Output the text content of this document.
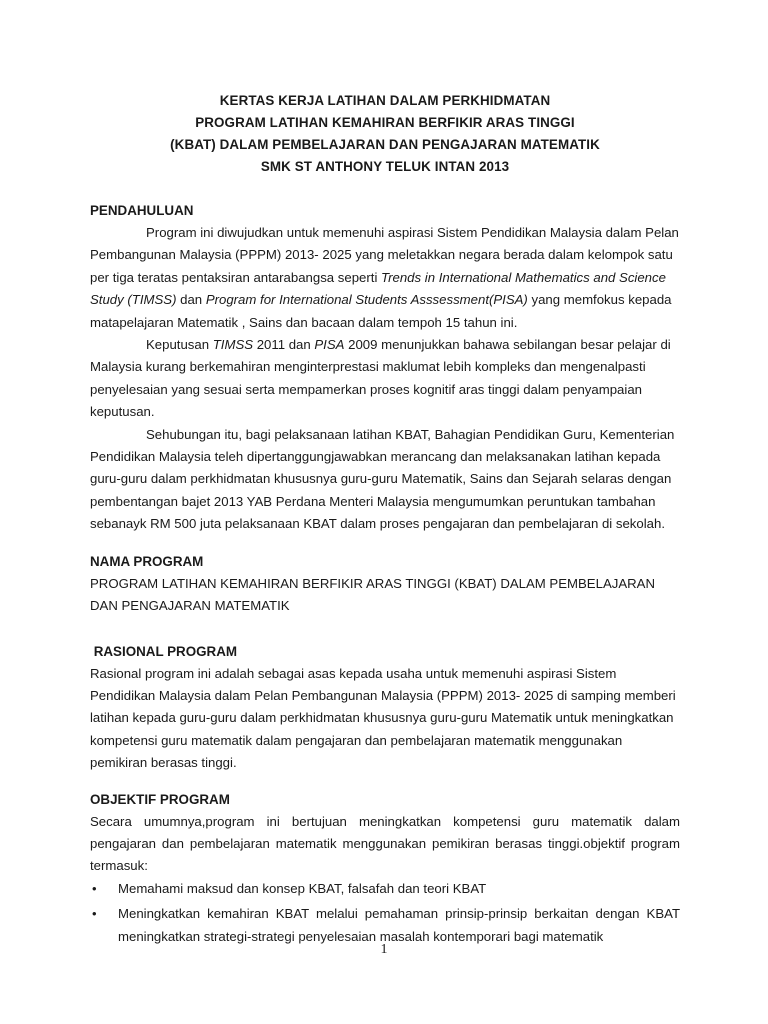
KERTAS KERJA LATIHAN DALAM PERKHIDMATAN
PROGRAM LATIHAN KEMAHIRAN BERFIKIR ARAS TINGGI
(KBAT) DALAM PEMBELAJARAN DAN PENGAJARAN MATEMATIK
SMK ST ANTHONY TELUK INTAN 2013
PENDAHULUAN

Program ini diwujudkan untuk memenuhi aspirasi Sistem Pendidikan Malaysia dalam Pelan Pembangunan Malaysia (PPPM) 2013- 2025 yang meletakkan negara berada dalam kelompok satu per tiga teratas pentaksiran antarabangsa seperti Trends in International Mathematics and Science Study (TIMSS) dan Program for International Students Asssessment(PISA) yang memfokus kepada matapelajaran Matematik , Sains dan bacaan dalam tempoh 15 tahun ini.

Keputusan TIMSS 2011 dan PISA 2009 menunjukkan bahawa sebilangan besar pelajar di Malaysia kurang berkemahiran menginterprestasi maklumat lebih kompleks dan mengenalpasti penyelesaian yang sesuai serta mempamerkan proses kognitif aras tinggi dalam penyampaian keputusan.

Sehubungan itu, bagi pelaksanaan latihan KBAT, Bahagian Pendidikan Guru, Kementerian Pendidikan Malaysia teleh dipertanggungjawabkan merancang dan melaksanakan latihan kepada guru-guru dalam perkhidmatan khususnya guru-guru Matematik, Sains dan Sejarah selaras dengan pembentangan bajet 2013 YAB Perdana Menteri Malaysia mengumumkan peruntukan tambahan sebanayk RM 500 juta pelaksanaan KBAT dalam proses pengajaran dan pembelajaran di sekolah.

NAMA PROGRAM

PROGRAM LATIHAN KEMAHIRAN BERFIKIR ARAS TINGGI (KBAT) DALAM PEMBELAJARAN DAN PENGAJARAN MATEMATIK

RASIONAL PROGRAM

Rasional program ini adalah sebagai asas kepada usaha untuk memenuhi aspirasi Sistem Pendidikan Malaysia dalam Pelan Pembangunan Malaysia (PPPM) 2013- 2025 di samping memberi latihan kepada guru-guru dalam perkhidmatan khususnya guru-guru Matematik untuk meningkatkan kompetensi guru matematik dalam pengajaran dan pembelajaran matematik menggunakan pemikiran berasas tinggi.

OBJEKTIF PROGRAM

Secara umumnya,program ini bertujuan meningkatkan kompetensi guru matematik dalam pengajaran dan pembelajaran matematik menggunakan pemikiran berasas tinggi.objektif program termasuk:

• Memahami maksud dan konsep KBAT, falsafah dan teori KBAT
• Meningkatkan kemahiran KBAT melalui pemahaman prinsip-prinsip berkaitan dengan KBAT meningkatkan strategi-strategi penyelesaian masalah kontemporari bagi matematik
1
